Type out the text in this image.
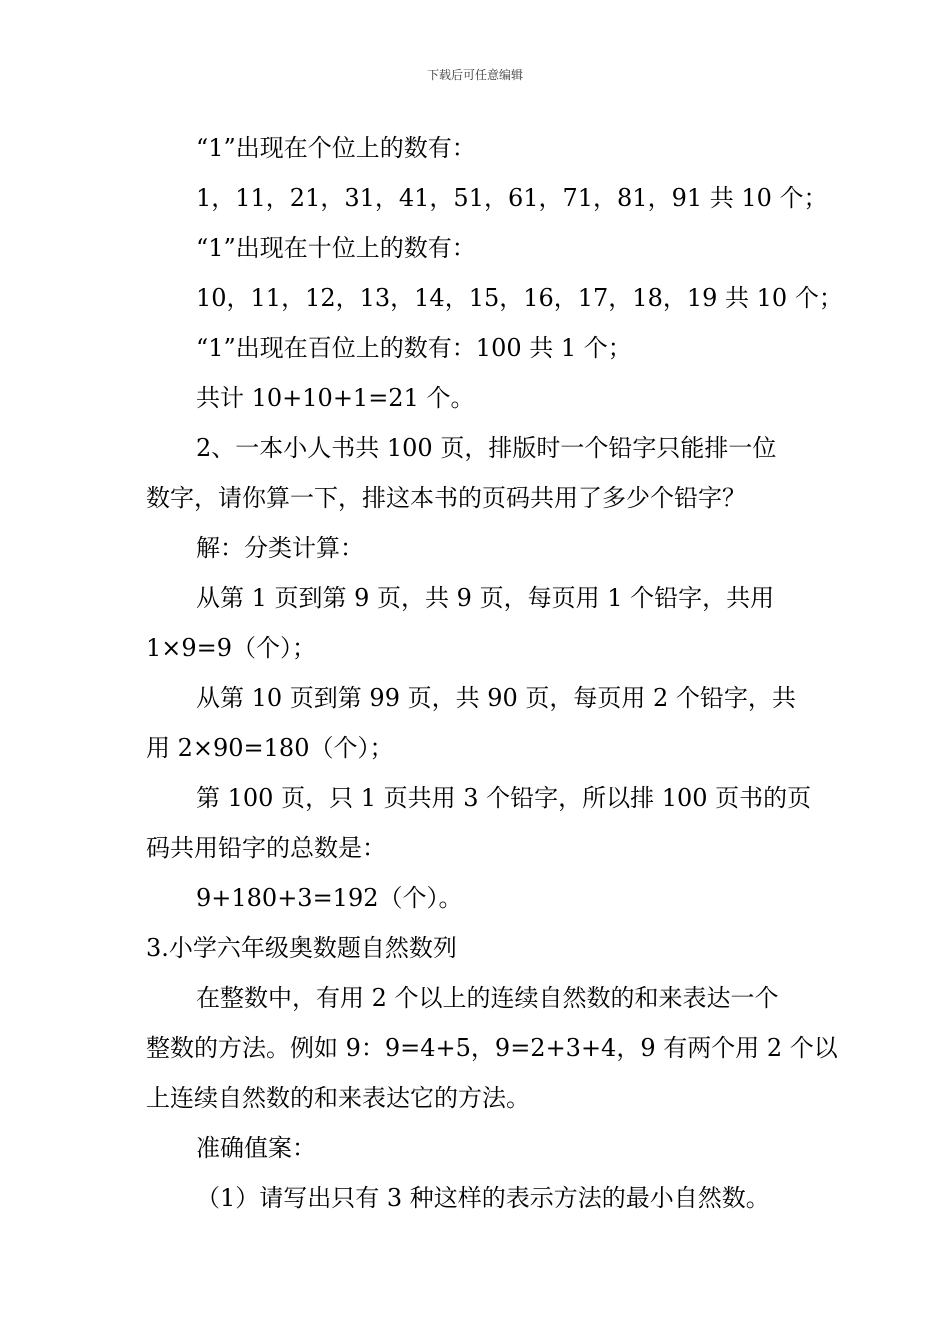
下载后可任意编辑
“1”出现在个位上的数有：
1，11，21，31，41，51，61，71，81，91 共 10 个；
“1”出现在十位上的数有：
10，11，12，13，14，15，16，17，18，19 共 10 个；
“1”出现在百位上的数有：100 共 1 个；
共计 10+10+1=21 个。
2、一本小人书共 100 页，排版时一个铅字只能排一位
数字，请你算一下，排这本书的页码共用了多少个铅字？
解：分类计算：
从第 1 页到第 9 页，共 9 页，每页用 1 个铅字，共用
1×9=9（个）；
从第 10 页到第 99 页，共 90 页，每页用 2 个铅字，共
用 2×90=180（个）；
第 100 页，只 1 页共用 3 个铅字，所以排 100 页书的页
码共用铅字的总数是：
9+180+3=192（个）。
3.小学六年级奥数题自然数列
在整数中，有用 2 个以上的连续自然数的和来表达一个
整数的方法。例如 9：9=4+5，9=2+3+4，9 有两个用 2 个以
上连续自然数的和来表达它的方法。
准确值案：
（1）请写出只有 3 种这样的表示方法的最小自然数。
